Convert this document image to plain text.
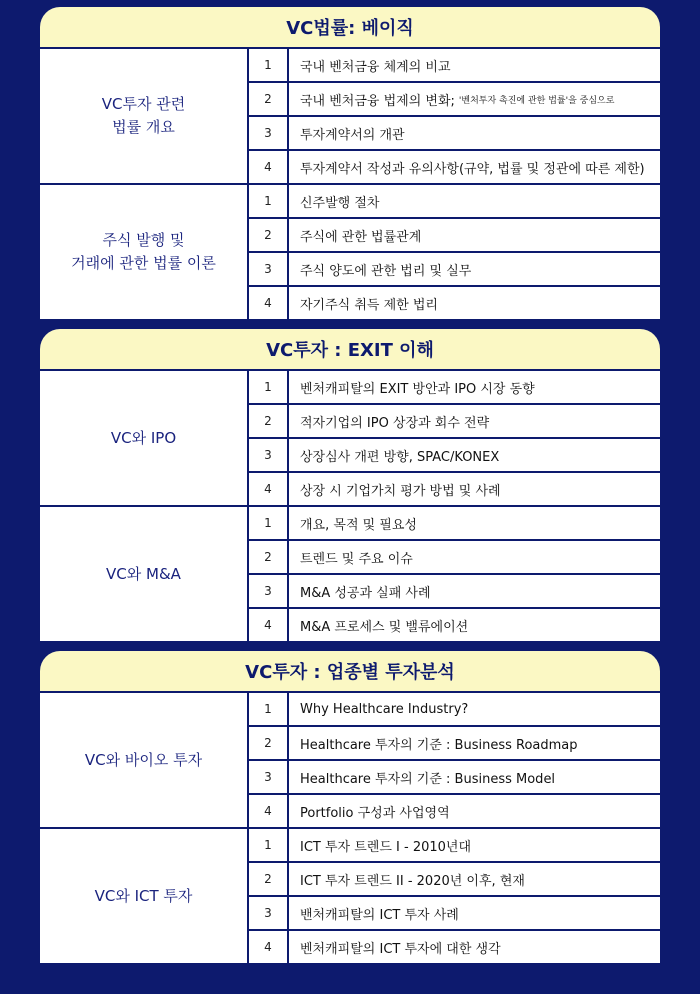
VC법률: 베이직
VC투자 관련
법률 개요
1	국내 벤처금융 체계의 비교
2	국내 벤처금융 법제의 변화; '벤처투자 촉진에 관한 법률'을 중심으로
3	투자계약서의 개관
4	투자계약서 작성과 유의사항(규약, 법률 및 정관에 따른 제한)
주식 발행 및
거래에 관한 법률 이론
1	신주발행 절차
2	주식에 관한 법률관계
3	주식 양도에 관한 법리 및 실무
4	자기주식 취득 제한 법리
VC투자 : EXIT 이해
VC와 IPO
1	벤처캐피탈의 EXIT 방안과 IPO 시장 동향
2	적자기업의 IPO 상장과 회수 전략
3	상장심사 개편 방향, SPAC/KONEX
4	상장 시 기업가치 평가 방법 및 사례
VC와 M&A
1	개요, 목적 및 필요성
2	트렌드 및 주요 이슈
3	M&A 성공과 실패 사례
4	M&A 프로세스 및 밸류에이션
VC투자 : 업종별 투자분석
VC와 바이오 투자
1	Why Healthcare Industry?
2	Healthcare 투자의 기준 : Business Roadmap
3	Healthcare 투자의 기준 : Business Model
4	Portfolio 구성과 사업영역
VC와 ICT 투자
1	ICT 투자 트렌드 I - 2010년대
2	ICT 투자 트렌드 II - 2020년 이후, 현재
3	밴처캐피탈의 ICT 투자 사례
4	벤처캐피탈의 ICT 투자에 대한 생각
